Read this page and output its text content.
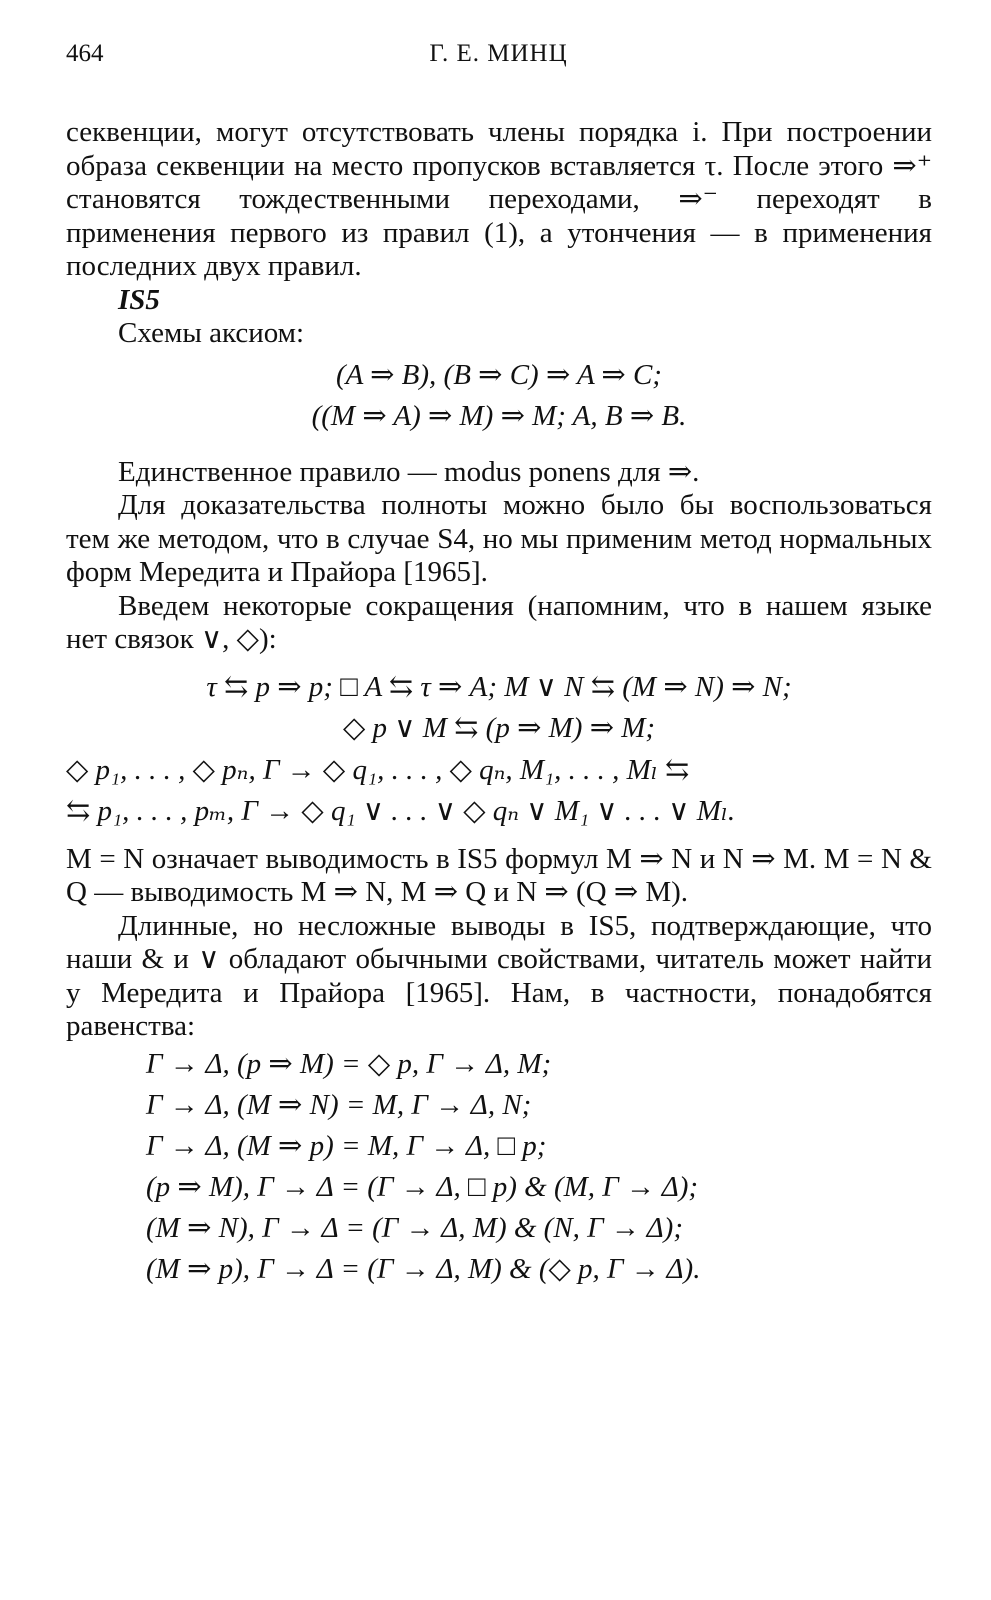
464	Г. Е. МИНЦ

секвенции, могут отсутствовать члены порядка i. При построении образа секвенции на место пропусков вставляется τ. После этого ⇒⁺ становятся тождественными переходами, ⇒⁻ переходят в применения первого из правил (1), а утончения — в применения последних двух правил.

IS5

Схемы аксиом:

(A ⇒ B), (B ⇒ C) ⇒ A ⇒ C;

((M ⇒ A) ⇒ M) ⇒ M; A, B ⇒ B.

Единственное правило — modus ponens для ⇒.

Для доказательства полноты можно было бы воспользоваться тем же методом, что в случае S4, но мы применим метод нормальных форм Мередита и Прайора [1965].

Введем некоторые сокращения (напомним, что в нашем языке нет связок ∨, ◇):

τ ⇆ p ⇒ p; □ A ⇆ τ ⇒ A; M ∨ N ⇆ (M ⇒ N) ⇒ N;

◇ p ∨ M ⇆ (p ⇒ M) ⇒ M;

◇ p₁, . . . , ◇ pₙ, Γ → ◇ q₁, . . . , ◇ qₙ, M₁, . . . , Mₗ ⇆

⇆ p₁, . . . , pₘ, Γ → ◇ q₁ ∨ . . . ∨ ◇ qₙ ∨ M₁ ∨ . . . ∨ Mₗ.

M = N означает выводимость в IS5 формул M ⇒ N и N ⇒ M. M = N & Q — выводимость M ⇒ N, M ⇒ Q и N ⇒ (Q ⇒ M).

Длинные, но несложные выводы в IS5, подтверждающие, что наши & и ∨ обладают обычными свойствами, читатель может найти у Мередита и Прайора [1965]. Нам, в частности, понадобятся равенства:

Γ → Δ, (p ⇒ M) = ◇ p, Γ → Δ, M;

Γ → Δ, (M ⇒ N) = M, Γ → Δ, N;

Γ → Δ, (M ⇒ p) = M, Γ → Δ, □ p;

(p ⇒ M), Γ → Δ = (Γ → Δ, □ p) & (M, Γ → Δ);

(M ⇒ N), Γ → Δ = (Γ → Δ, M) & (N, Γ → Δ);

(M ⇒ p), Γ → Δ = (Γ → Δ, M) & (◇ p, Γ → Δ).
